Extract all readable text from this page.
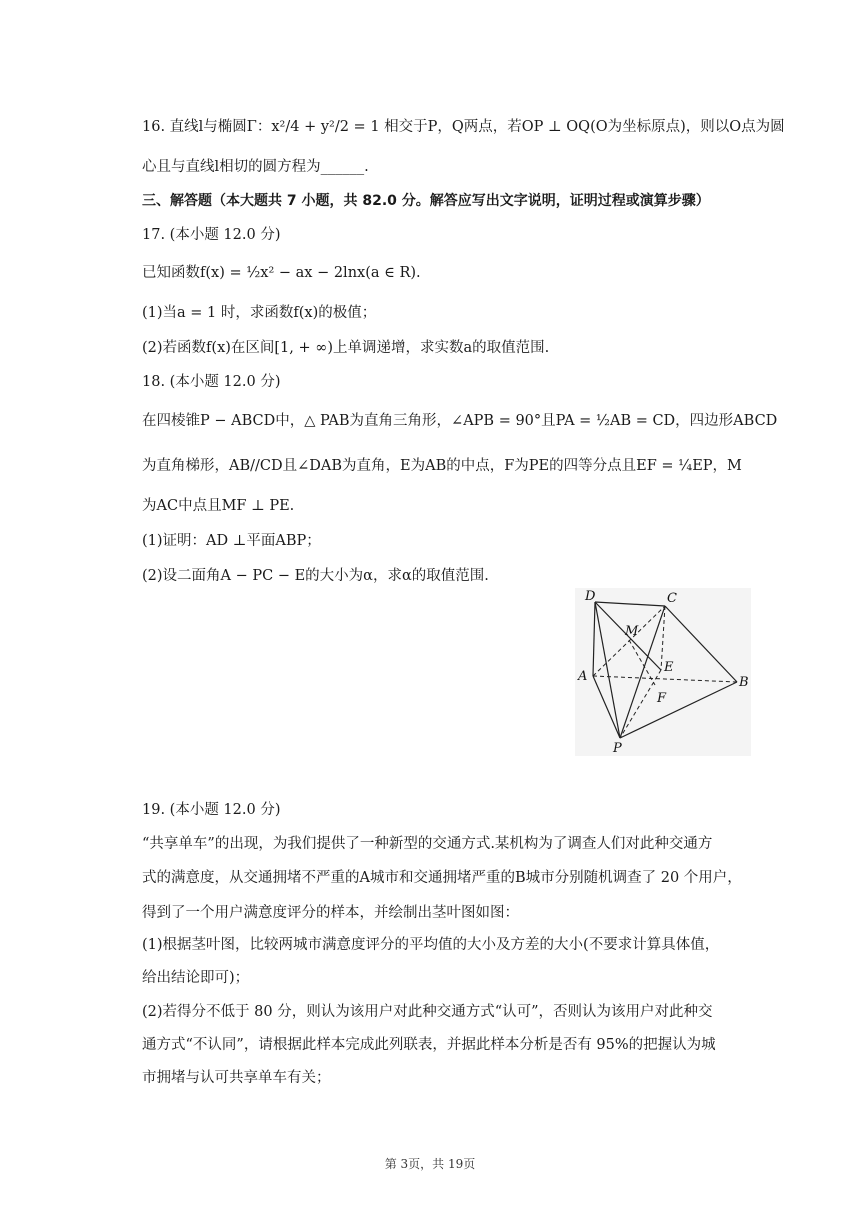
16. 直线l与椭圆Γ：x²/4 + y²/2 = 1 相交于P，Q两点，若OP ⊥ OQ(O为坐标原点)，则以O点为圆
心且与直线l相切的圆方程为______.
三、解答题（本大题共 7 小题，共 82.0 分。解答应写出文字说明，证明过程或演算步骤）
17. (本小题 12.0 分)
已知函数f(x) = ½x² − ax − 2lnx(a ∈ R).
(1)当a = 1 时，求函数f(x)的极值；
(2)若函数f(x)在区间[1, + ∞)上单调递增，求实数a的取值范围.
18. (本小题 12.0 分)
在四棱锥P − ABCD中，△ PAB为直角三角形，∠APB = 90°且PA = ½AB = CD，四边形ABCD
为直角梯形，AB//CD且∠DAB为直角，E为AB的中点，F为PE的四等分点且EF = ¼EP，M
为AC中点且MF ⊥ PE.
(1)证明：AD ⊥平面ABP；
(2)设二面角A − PC − E的大小为α，求α的取值范围.
D	C
M
A
E
B
F
P
19. (本小题 12.0 分)
“共享单车”的出现，为我们提供了一种新型的交通方式.某机构为了调查人们对此种交通方
式的满意度，从交通拥堵不严重的A城市和交通拥堵严重的B城市分别随机调查了 20 个用户，
得到了一个用户满意度评分的样本，并绘制出茎叶图如图：
(1)根据茎叶图，比较两城市满意度评分的平均值的大小及方差的大小(不要求计算具体值，
给出结论即可)；
(2)若得分不低于 80 分，则认为该用户对此种交通方式“认可”，否则认为该用户对此种交
通方式“不认同”，请根据此样本完成此列联表，并据此样本分析是否有 95%的把握认为城
市拥堵与认可共享单车有关；
第 3页，共 19页
